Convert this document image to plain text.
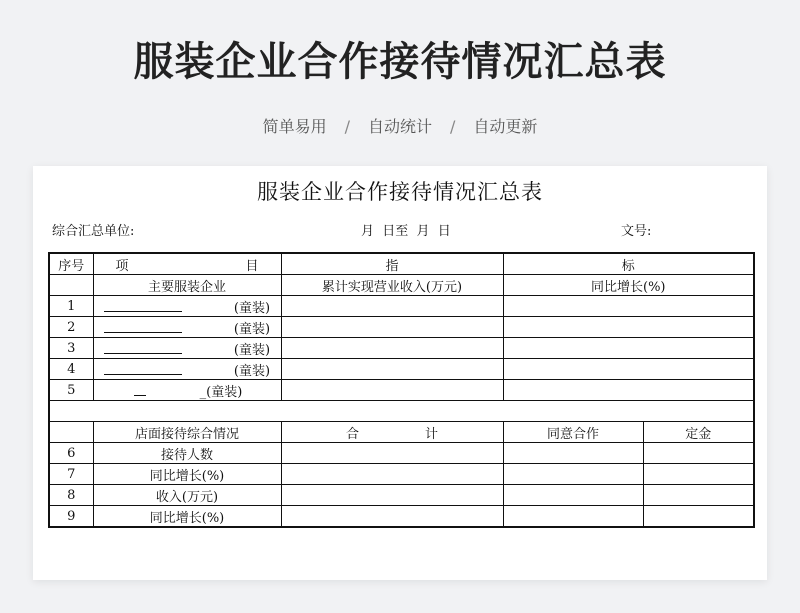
服装企业合作接待情况汇总表
简单易用 / 自动统计 / 自动更新
服装企业合作接待情况汇总表
综合汇总单位:	月  日至  月  日	文号:
序号	项 目	指	标	
	主要服装企业	累计实现营业收入(万元)	同比增长(%)	
1	(童装)			
2	(童装)			
3	(童装)			
4	(童装)			
5	_(童装)			

	店面接待综合情况	合 计	同意合作	定金
6	接待人数			
7	同比增长(%)			
8	收入(万元)			
9	同比增长(%)			
